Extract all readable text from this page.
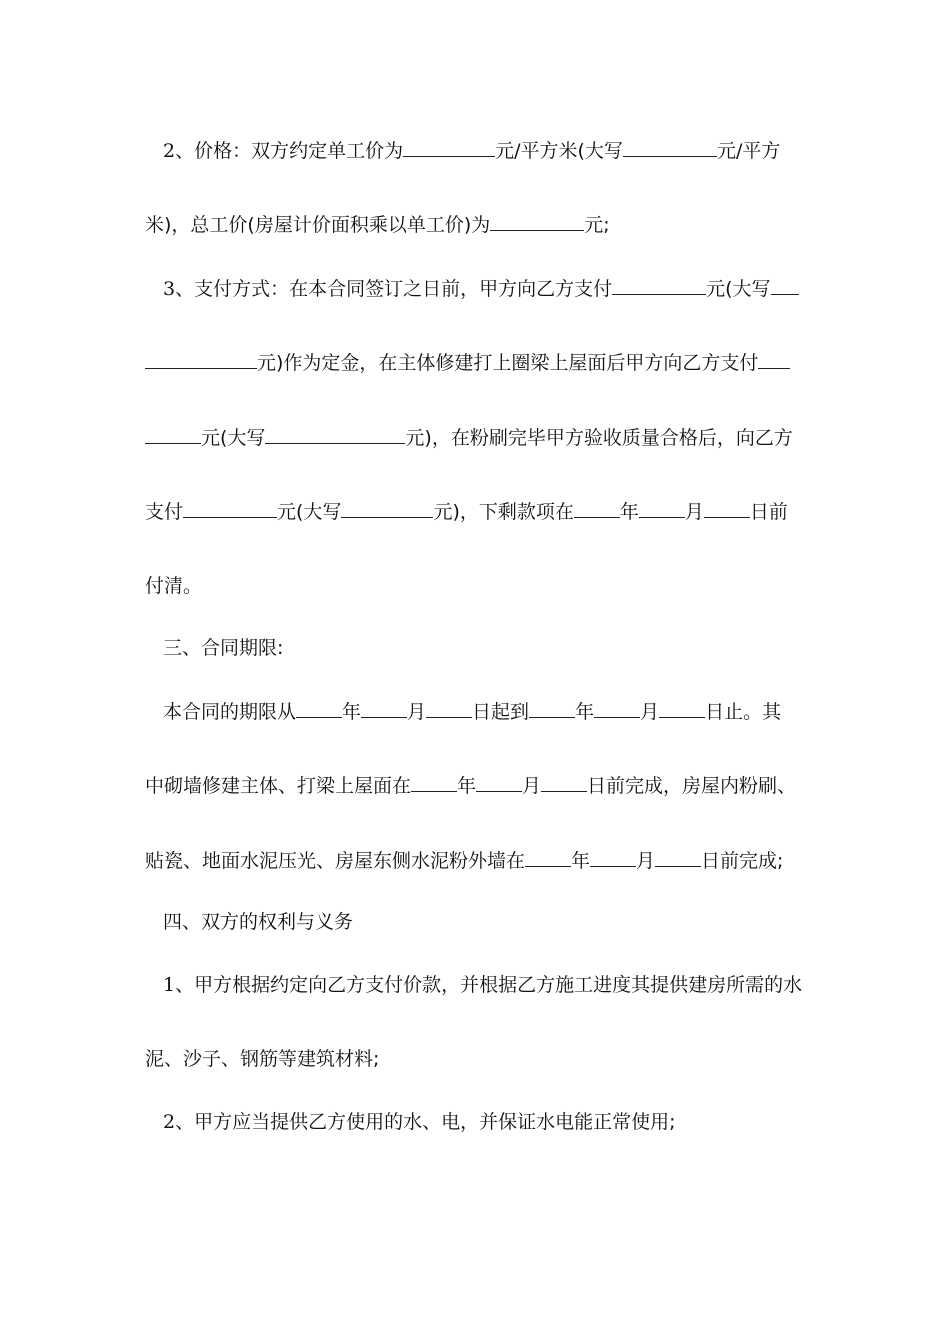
2、价格：双方约定单工价为	元/平方米(大写	元/平方
米)，总工价(房屋计价面积乘以单工价)为	元;
3、支付方式：在本合同签订之日前，甲方向乙方支付	元(大写
元)作为定金，在主体修建打上圈梁上屋面后甲方向乙方支付
元(大写	元)，在粉刷完毕甲方验收质量合格后，向乙方
支付	元(大写	元)，下剩款项在 年 月 日前
付清。
三、合同期限:
本合同的期限从 年 月 日起到 年 月 日止。其
中砌墙修建主体、打梁上屋面在 年 月 日前完成，房屋内粉刷、
贴瓷、地面水泥压光、房屋东侧水泥粉外墙在 年 月 日前完成;
四、双方的权利与义务
1、甲方根据约定向乙方支付价款，并根据乙方施工进度其提供建房所需的水
泥、沙子、钢筋等建筑材料;
2、甲方应当提供乙方使用的水、电，并保证水电能正常使用;
